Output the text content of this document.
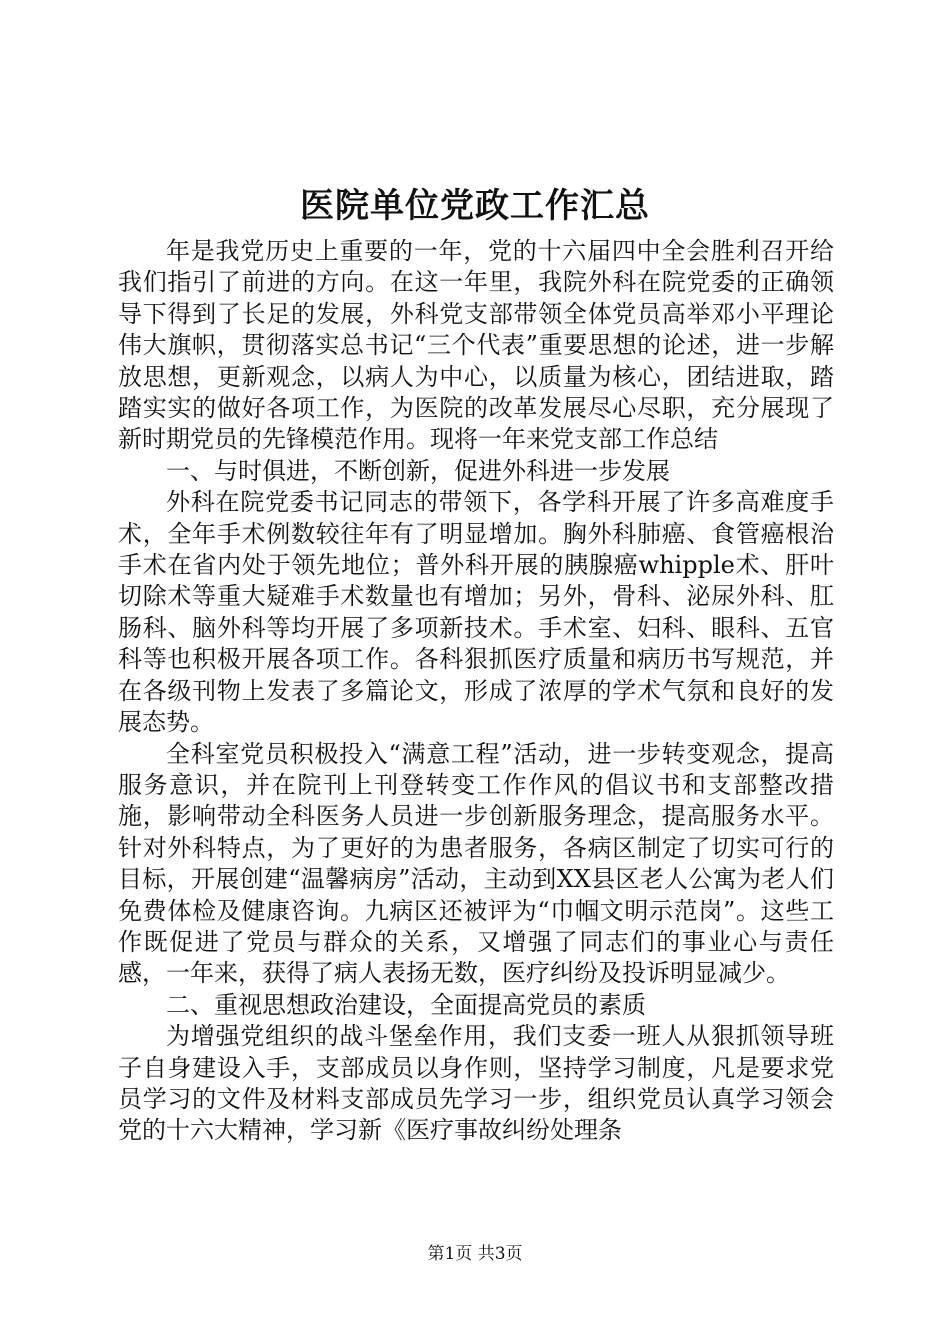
医院单位党政工作汇总

年是我党历史上重要的一年，党的十六届四中全会胜利召开给我们指引了前进的方向。在这一年里，我院外科在院党委的正确领导下得到了长足的发展，外科党支部带领全体党员高举邓小平理论伟大旗帜，贯彻落实总书记“三个代表”重要思想的论述，进一步解放思想，更新观念，以病人为中心，以质量为核心，团结进取，踏踏实实的做好各项工作，为医院的改革发展尽心尽职，充分展现了新时期党员的先锋模范作用。现将一年来党支部工作总结

一、与时俱进，不断创新，促进外科进一步发展

外科在院党委书记同志的带领下，各学科开展了许多高难度手术，全年手术例数较往年有了明显增加。胸外科肺癌、食管癌根治手术在省内处于领先地位；普外科开展的胰腺癌whipple术、肝叶切除术等重大疑难手术数量也有增加；另外，骨科、泌尿外科、肛肠科、脑外科等均开展了多项新技术。手术室、妇科、眼科、五官科等也积极开展各项工作。各科狠抓医疗质量和病历书写规范，并在各级刊物上发表了多篇论文，形成了浓厚的学术气氛和良好的发展态势。

全科室党员积极投入“满意工程”活动，进一步转变观念，提高服务意识，并在院刊上刊登转变工作作风的倡议书和支部整改措施，影响带动全科医务人员进一步创新服务理念，提高服务水平。针对外科特点，为了更好的为患者服务，各病区制定了切实可行的目标，开展创建“温馨病房”活动，主动到XX县区老人公寓为老人们免费体检及健康咨询。九病区还被评为“巾帼文明示范岗”。这些工作既促进了党员与群众的关系，又增强了同志们的事业心与责任感，一年来，获得了病人表扬无数，医疗纠纷及投诉明显减少。

二、重视思想政治建设，全面提高党员的素质

为增强党组织的战斗堡垒作用，我们支委一班人从狠抓领导班子自身建设入手，支部成员以身作则，坚持学习制度，凡是要求党员学习的文件及材料支部成员先学习一步，组织党员认真学习领会党的十六大精神，学习新《医疗事故纠纷处理条

第1页 共3页
